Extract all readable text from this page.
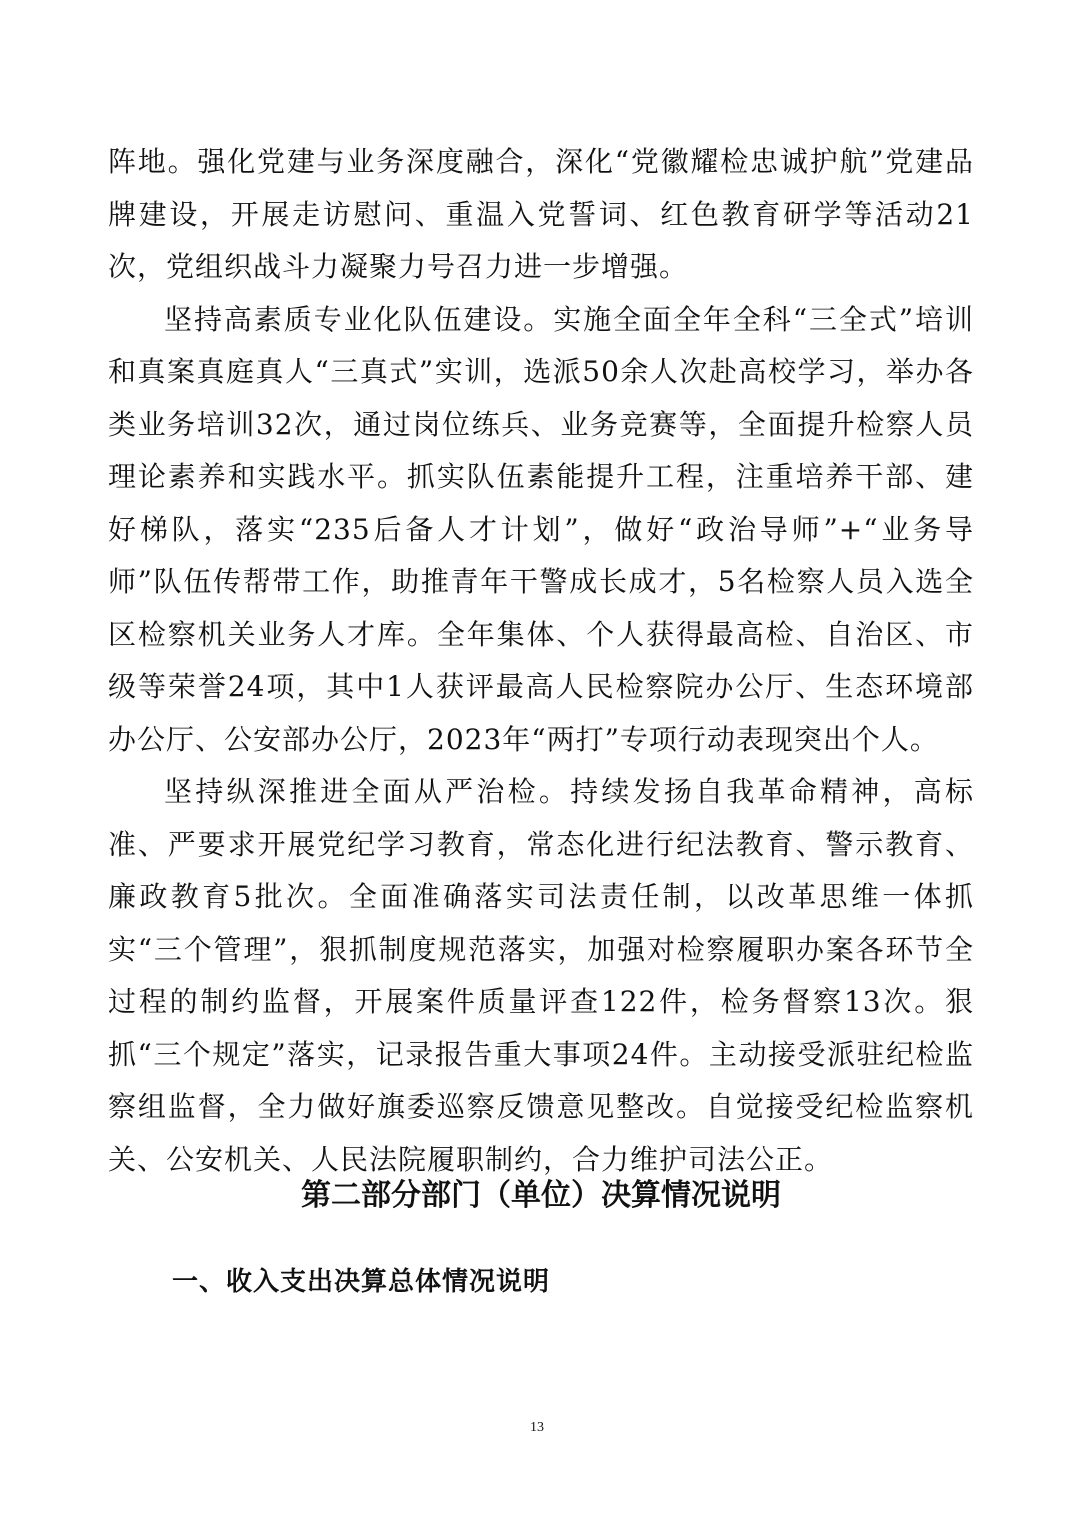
阵地。强化党建与业务深度融合，深化“党徽耀检忠诚护航”党建品牌建设，开展走访慰问、重温入党誓词、红色教育研学等活动21次，党组织战斗力凝聚力号召力进一步增强。

坚持高素质专业化队伍建设。实施全面全年全科“三全式”培训和真案真庭真人“三真式”实训，选派50余人次赴高校学习，举办各类业务培训32次，通过岗位练兵、业务竞赛等，全面提升检察人员理论素养和实践水平。抓实队伍素能提升工程，注重培养干部、建好梯队，落实“235后备人才计划”，做好“政治导师”+“业务导师”队伍传帮带工作，助推青年干警成长成才，5名检察人员入选全区检察机关业务人才库。全年集体、个人获得最高检、自治区、市级等荣誉24项，其中1人获评最高人民检察院办公厅、生态环境部办公厅、公安部办公厅，2023年“两打”专项行动表现突出个人。

坚持纵深推进全面从严治检。持续发扬自我革命精神，高标准、严要求开展党纪学习教育，常态化进行纪法教育、警示教育、廉政教育5批次。全面准确落实司法责任制，以改革思维一体抓实“三个管理”，狠抓制度规范落实，加强对检察履职办案各环节全过程的制约监督，开展案件质量评查122件，检务督察13次。狠抓“三个规定”落实，记录报告重大事项24件。主动接受派驻纪检监察组监督，全力做好旗委巡察反馈意见整改。自觉接受纪检监察机关、公安机关、人民法院履职制约，合力维护司法公正。

第二部分部门（单位）决算情况说明
一、收入支出决算总体情况说明
13
